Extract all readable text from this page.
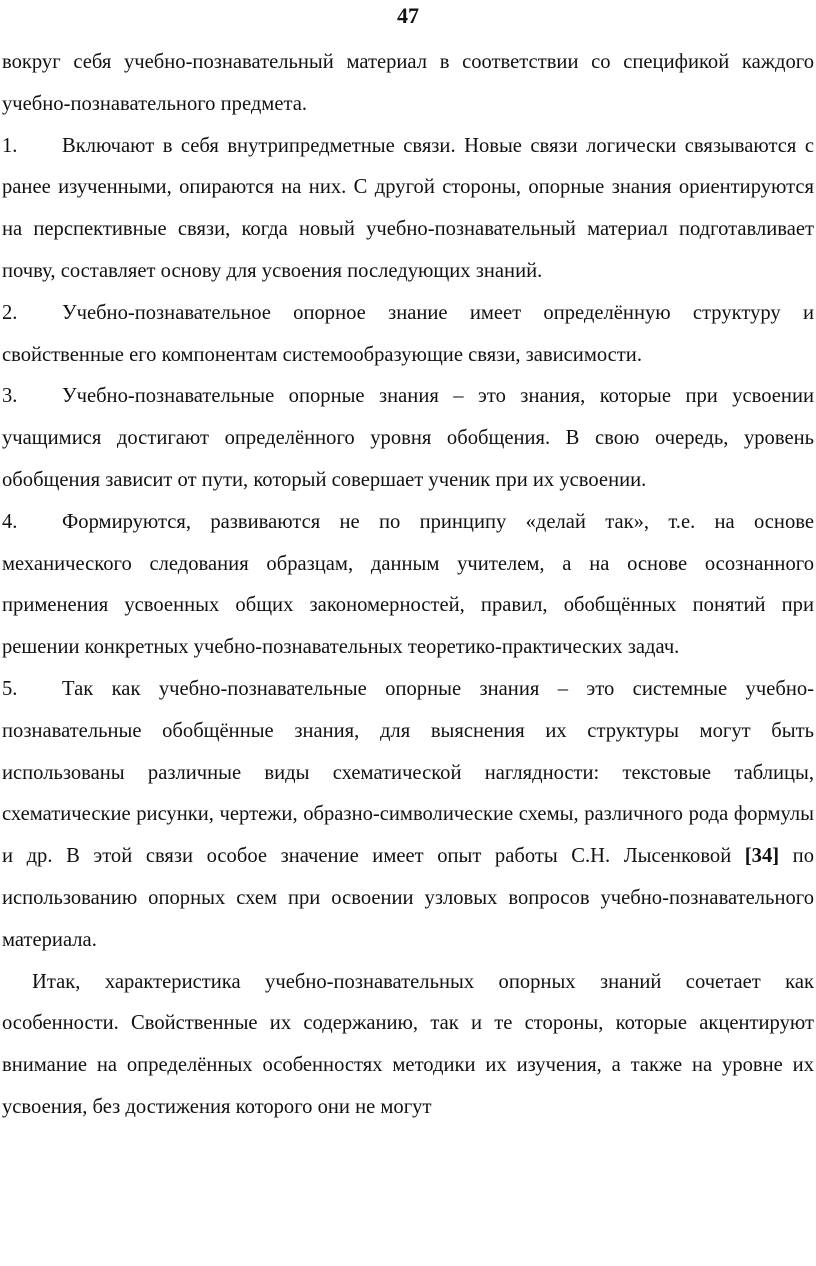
47

вокруг себя учебно-познавательный материал в соответствии со спецификой каждого учебно-познавательного предмета.

1. Включают в себя внутрипредметные связи. Новые связи логически связываются с ранее изученными, опираются на них. С другой стороны, опорные знания ориентируются на перспективные связи, когда новый учебно-познавательный материал подготавливает почву, составляет основу для усвоения последующих знаний.

2. Учебно-познавательное опорное знание имеет определённую структуру и свойственные его компонентам системообразующие связи, зависимости.

3. Учебно-познавательные опорные знания – это знания, которые при усвоении учащимися достигают определённого уровня обобщения. В свою очередь, уровень обобщения зависит от пути, который совершает ученик при их усвоении.

4. Формируются, развиваются не по принципу «делай так», т.е. на основе механического следования образцам, данным учителем, а на основе осознанного применения усвоенных общих закономерностей, правил, обобщённых понятий при решении конкретных учебно-познавательных теоретико-практических задач.

5. Так как учебно-познавательные опорные знания – это системные учебно-познавательные обобщённые знания, для выяснения их структуры могут быть использованы различные виды схематической наглядности: текстовые таблицы, схематические рисунки, чертежи, образно-символические схемы, различного рода формулы и др. В этой связи особое значение имеет опыт работы С.Н. Лысенковой [34] по использованию опорных схем при освоении узловых вопросов учебно-познавательного материала.

Итак, характеристика учебно-познавательных опорных знаний сочетает как особенности. Свойственные их содержанию, так и те стороны, которые акцентируют внимание на определённых особенностях методики их изучения, а также на уровне их усвоения, без достижения которого они не могут
